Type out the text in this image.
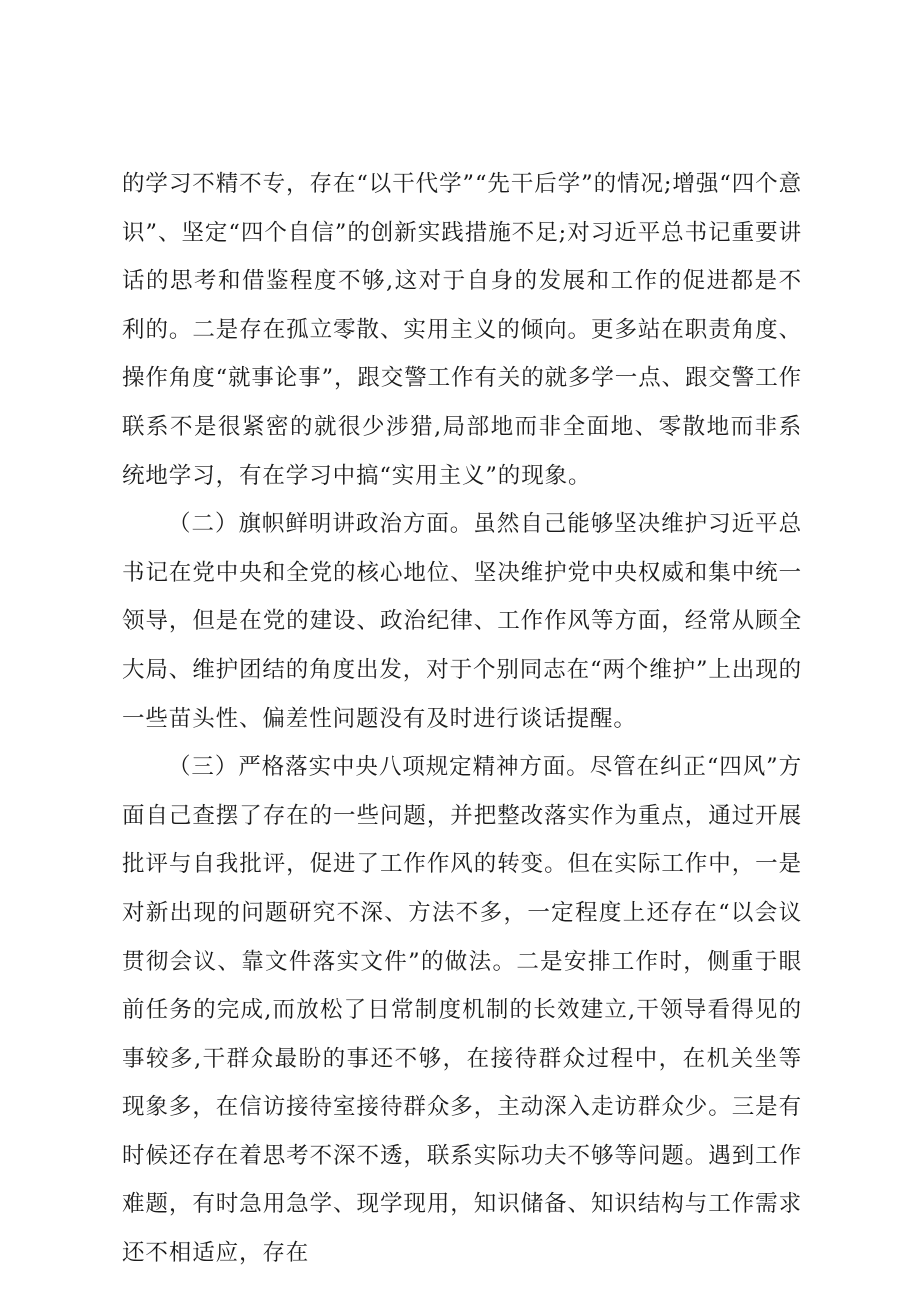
的学习不精不专，存在“以干代学”“先干后学”的情况;增强“四个意识”、坚定“四个自信”的创新实践措施不足;对习近平总书记重要讲话的思考和借鉴程度不够,这对于自身的发展和工作的促进都是不利的。二是存在孤立零散、实用主义的倾向。更多站在职责角度、操作角度“就事论事”，跟交警工作有关的就多学一点、跟交警工作联系不是很紧密的就很少涉猎,局部地而非全面地、零散地而非系统地学习，有在学习中搞“实用主义”的现象。

（二）旗帜鲜明讲政治方面。虽然自己能够坚决维护习近平总书记在党中央和全党的核心地位、坚决维护党中央权威和集中统一领导，但是在党的建设、政治纪律、工作作风等方面，经常从顾全大局、维护团结的角度出发，对于个别同志在“两个维护”上出现的一些苗头性、偏差性问题没有及时进行谈话提醒。

（三）严格落实中央八项规定精神方面。尽管在纠正“四风”方面自己查摆了存在的一些问题，并把整改落实作为重点，通过开展批评与自我批评，促进了工作作风的转变。但在实际工作中，一是对新出现的问题研究不深、方法不多，一定程度上还存在“以会议贯彻会议、靠文件落实文件”的做法。二是安排工作时，侧重于眼前任务的完成,而放松了日常制度机制的长效建立,干领导看得见的事较多,干群众最盼的事还不够，在接待群众过程中，在机关坐等现象多，在信访接待室接待群众多，主动深入走访群众少。三是有时候还存在着思考不深不透，联系实际功夫不够等问题。遇到工作难题，有时急用急学、现学现用，知识储备、知识结构与工作需求还不相适应，存在
